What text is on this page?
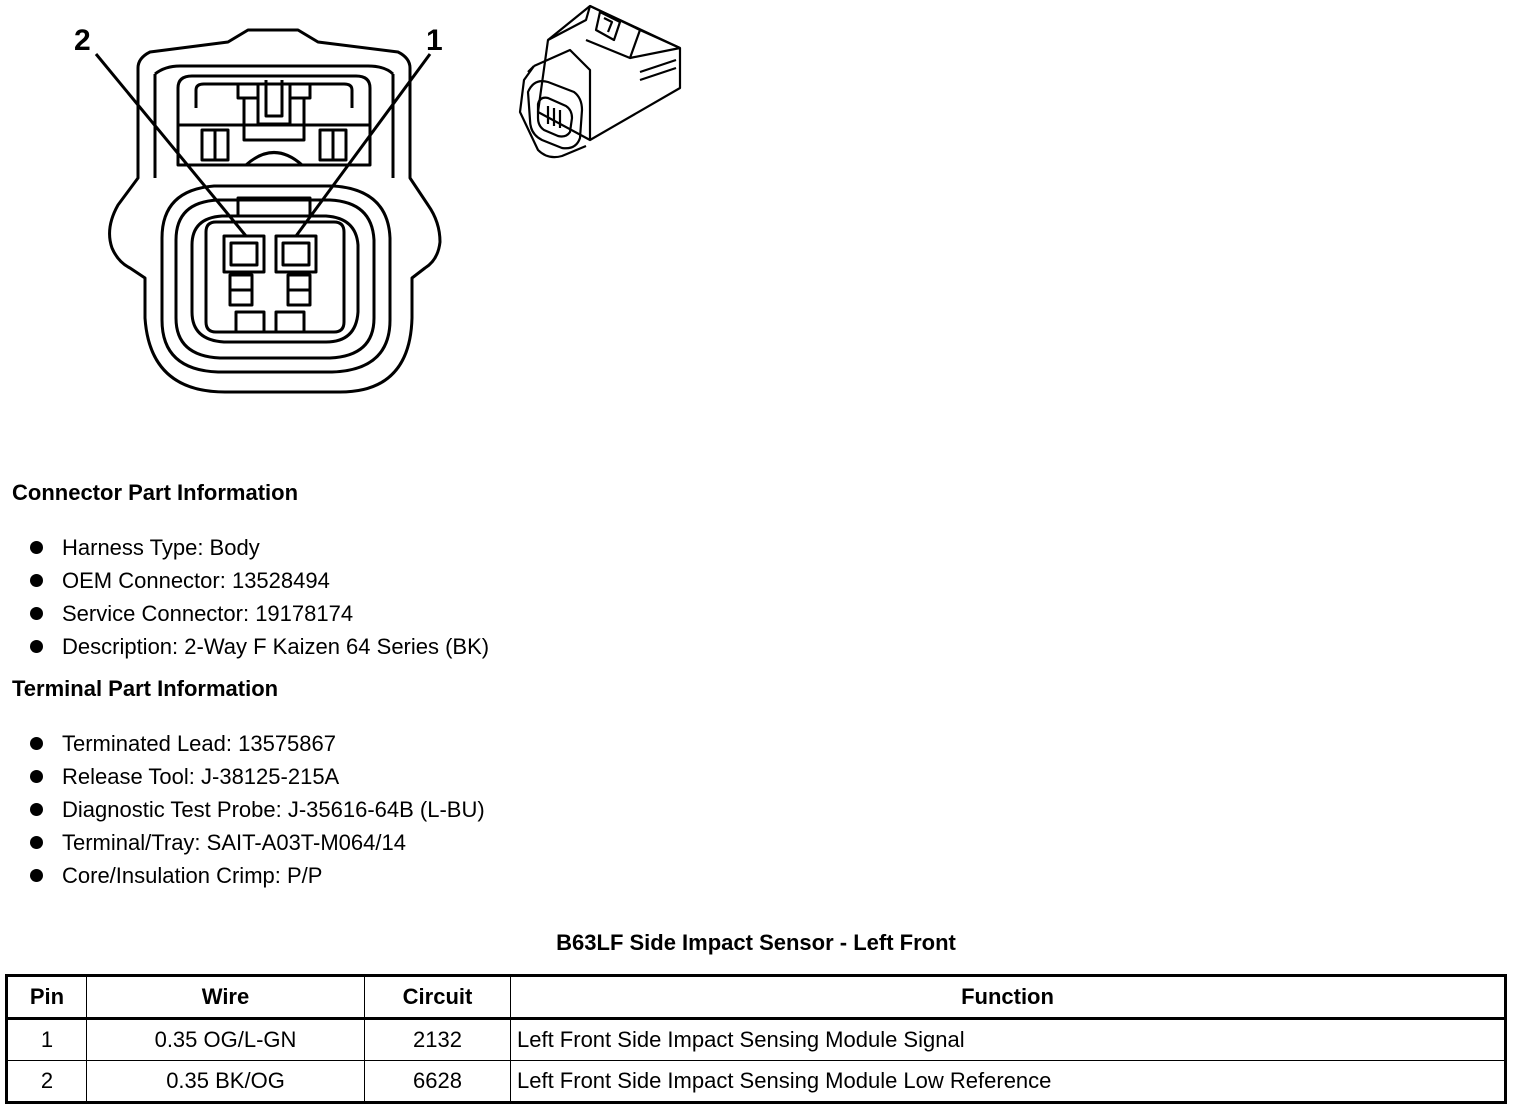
2	1
Connector Part Information
Harness Type: Body
OEM Connector: 13528494
Service Connector: 19178174
Description: 2-Way F Kaizen 64 Series (BK)
Terminal Part Information
Terminated Lead: 13575867
Release Tool: J-38125-215A
Diagnostic Test Probe: J-35616-64B (L-BU)
Terminal/Tray: SAIT-A03T-M064/14
Core/Insulation Crimp: P/P
B63LF Side Impact Sensor - Left Front
Pin	Wire	Circuit	Function
1	0.35 OG/L-GN	2132	Left Front Side Impact Sensing Module Signal
2	0.35 BK/OG	6628	Left Front Side Impact Sensing Module Low Reference
